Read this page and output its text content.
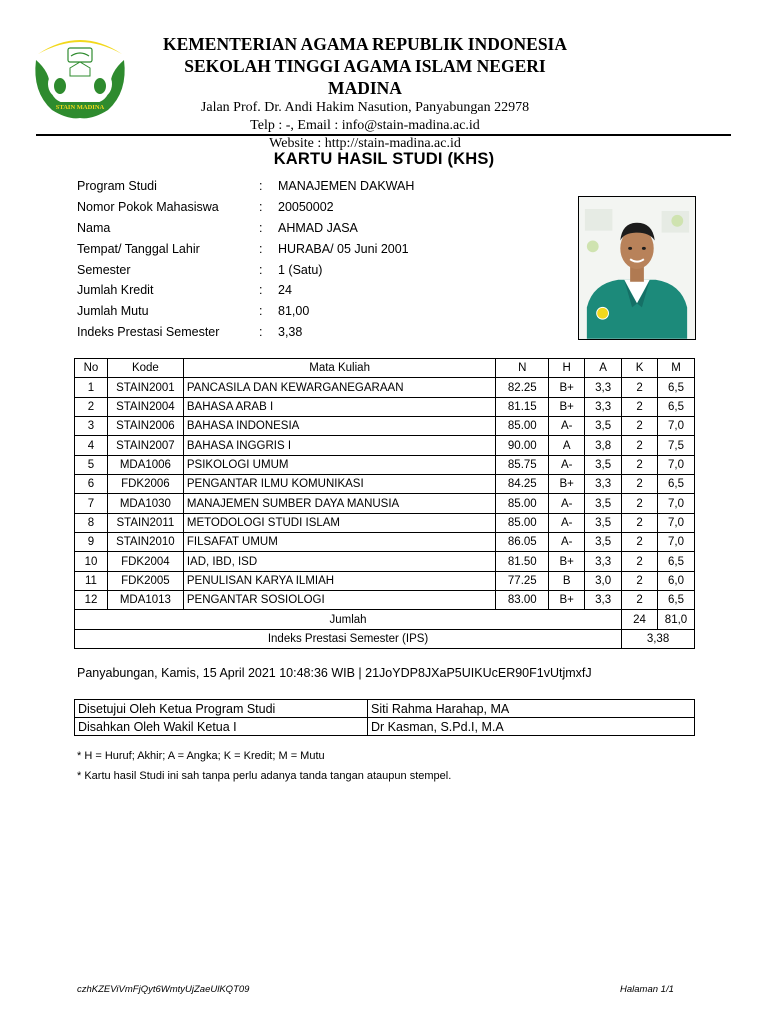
STAIN MADINA
KEMENTERIAN AGAMA REPUBLIK INDONESIA
SEKOLAH TINGGI AGAMA ISLAM NEGERI MADINA
Jalan Prof. Dr. Andi Hakim Nasution, Panyabungan 22978
Telp : -, Email : info@stain-madina.ac.id
Website : http://stain-madina.ac.id
KARTU HASIL STUDI (KHS)
Program Studi	:	MANAJEMEN DAKWAH
Nomor Pokok Mahasiswa	:	20050002
Nama	:	AHMAD JASA
Tempat/ Tanggal Lahir	:	HURABA/ 05 Juni 2001
Semester	:	1 (Satu)
Jumlah Kredit	:	24
Jumlah Mutu	:	81,00
Indeks Prestasi Semester	:	3,38
No	Kode	Mata Kuliah	N	H	A	K	M
1	STAIN2001	PANCASILA DAN KEWARGANEGARAAN	82.25	B+	3,3	2	6,5
2	STAIN2004	BAHASA ARAB I	81.15	B+	3,3	2	6,5
3	STAIN2006	BAHASA INDONESIA	85.00	A-	3,5	2	7,0
4	STAIN2007	BAHASA INGGRIS I	90.00	A	3,8	2	7,5
5	MDA1006	PSIKOLOGI UMUM	85.75	A-	3,5	2	7,0
6	FDK2006	PENGANTAR ILMU KOMUNIKASI	84.25	B+	3,3	2	6,5
7	MDA1030	MANAJEMEN SUMBER DAYA MANUSIA	85.00	A-	3,5	2	7,0
8	STAIN2011	METODOLOGI STUDI ISLAM	85.00	A-	3,5	2	7,0
9	STAIN2010	FILSAFAT UMUM	86.05	A-	3,5	2	7,0
10	FDK2004	IAD, IBD, ISD	81.50	B+	3,3	2	6,5
11	FDK2005	PENULISAN KARYA ILMIAH	77.25	B	3,0	2	6,0
12	MDA1013	PENGANTAR SOSIOLOGI	83.00	B+	3,3	2	6,5
Jumlah						24	81,0
Indeks Prestasi Semester (IPS)						3,38	
Panyabungan, Kamis, 15 April 2021 10:48:36 WIB | 21JoYDP8JXaP5UIKUcER90F1vUtjmxfJ
Disetujui Oleh Ketua Program Studi	Siti Rahma Harahap, MA
Disahkan Oleh Wakil Ketua I	Dr Kasman, S.Pd.I, M.A
* H = Huruf; Akhir; A = Angka; K = Kredit; M = Mutu
* Kartu hasil Studi ini sah tanpa perlu adanya tanda tangan ataupun stempel.
czhKZEViVmFjQyt6WmtyUjZaeUlKQT09	Halaman 1/1
